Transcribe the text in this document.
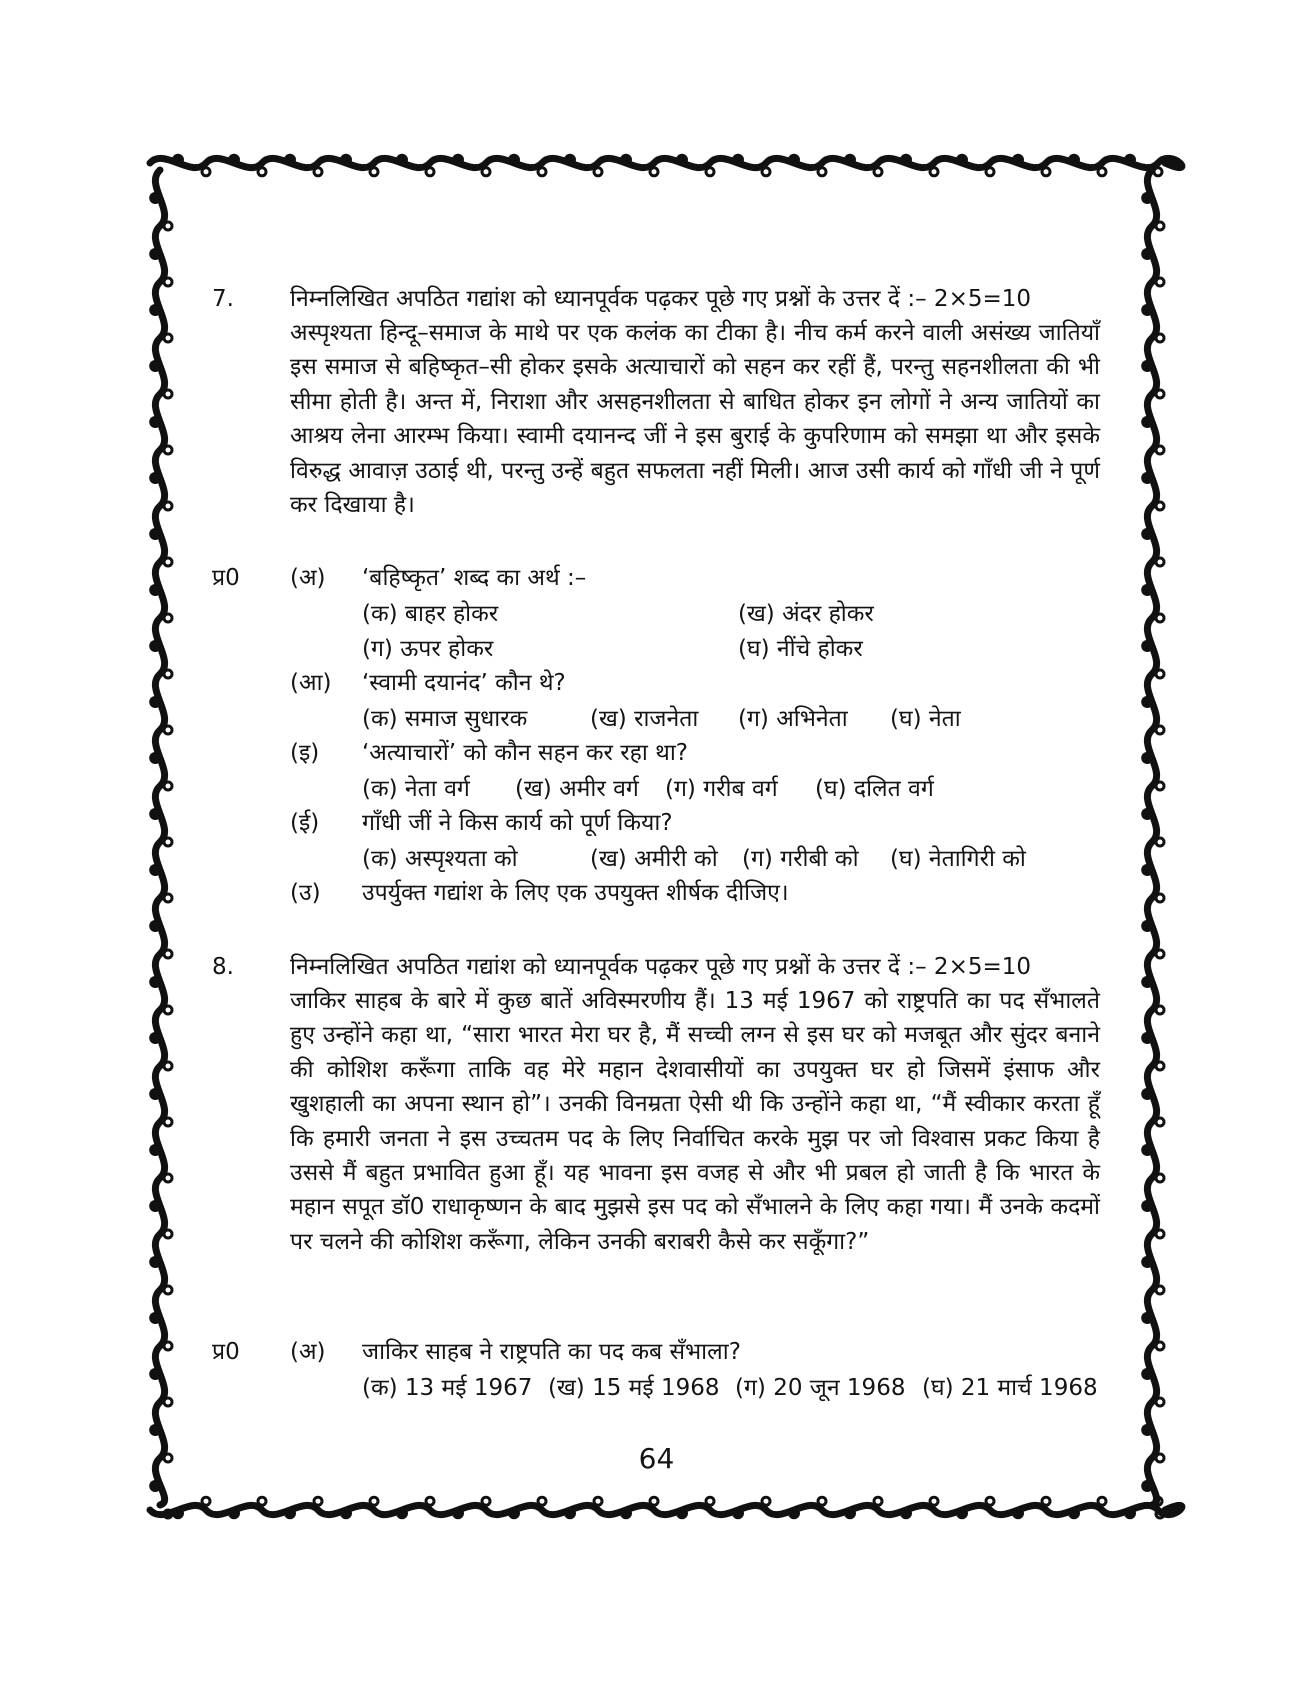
7. निम्नलिखित अपठित गद्यांश को ध्यानपूर्वक पढ़कर पूछे गए प्रश्नों के उत्तर दें :– 2×5=10
अस्पृश्यता हिन्दू–समाज के माथे पर एक कलंक का टीका है। नीच कर्म करने वाली असंख्य जातियाँ इस समाज से बहिष्कृत–सी होकर इसके अत्याचारों को सहन कर रहीं हैं, परन्तु सहनशीलता की भी सीमा होती है। अन्त में, निराशा और असहनशीलता से बाधित होकर इन लोगों ने अन्य जातियों का आश्रय लेना आरम्भ किया। स्वामी दयानन्द जीं ने इस बुराई के कुपरिणाम को समझा था और इसके विरुद्ध आवाज़ उठाई थी, परन्तु उन्हें बहुत सफलता नहीं मिली। आज उसी कार्य को गाँधी जी ने पूर्ण कर दिखाया है।
प्र0 (अ) ‘बहिष्कृत’ शब्द का अर्थ :–
(क) बाहर होकर	(ख) अंदर होकर
(ग) ऊपर होकर	(घ) नींचे होकर
(आ) ‘स्वामी दयानंद’ कौन थे?
(क) समाज सुधारक	(ख) राजनेता (ग) अभिनेता (घ) नेता
(इ) ‘अत्याचारों’ को कौन सहन कर रहा था?
(क) नेता वर्ग (ख) अमीर वर्ग (ग) गरीब वर्ग (घ) दलित वर्ग
(ई) गाँधी जीं ने किस कार्य को पूर्ण किया?
(क) अस्पृश्यता को	(ख) अमीरी को (ग) गरीबी को (घ) नेतागिरी को
(उ) उपर्युक्त गद्यांश के लिए एक उपयुक्त शीर्षक दीजिए।
8. निम्नलिखित अपठित गद्यांश को ध्यानपूर्वक पढ़कर पूछे गए प्रश्नों के उत्तर दें :– 2×5=10
जाकिर साहब के बारे में कुछ बातें अविस्मरणीय हैं। 13 मई 1967 को राष्ट्रपति का पद सँभालते हुए उन्होंने कहा था, “सारा भारत मेरा घर है, मैं सच्ची लग्न से इस घर को मजबूत और सुंदर बनाने की कोशिश करूँगा ताकि वह मेरे महान देशवासीयों का उपयुक्त घर हो जिसमें इंसाफ और खुशहाली का अपना स्थान हो”। उनकी विनम्रता ऐसी थी कि उन्होंने कहा था, “मैं स्वीकार करता हूँ कि हमारी जनता ने इस उच्चतम पद के लिए निर्वाचित करके मुझ पर जो विश्वास प्रकट किया है उससे मैं बहुत प्रभावित हुआ हूँ। यह भावना इस वजह से और भी प्रबल हो जाती है कि भारत के महान सपूत डॉ0 राधाकृष्णन के बाद मुझसे इस पद को सँभालने के लिए कहा गया। मैं उनके कदमों पर चलने की कोशिश करूँगा, लेकिन उनकी बराबरी कैसे कर सकूँगा?”
प्र0 (अ) जाकिर साहब ने राष्ट्रपति का पद कब सँभाला?
(क) 13 मई 1967 (ख) 15 मई 1968 (ग) 20 जून 1968 (घ) 21 मार्च 1968
64
